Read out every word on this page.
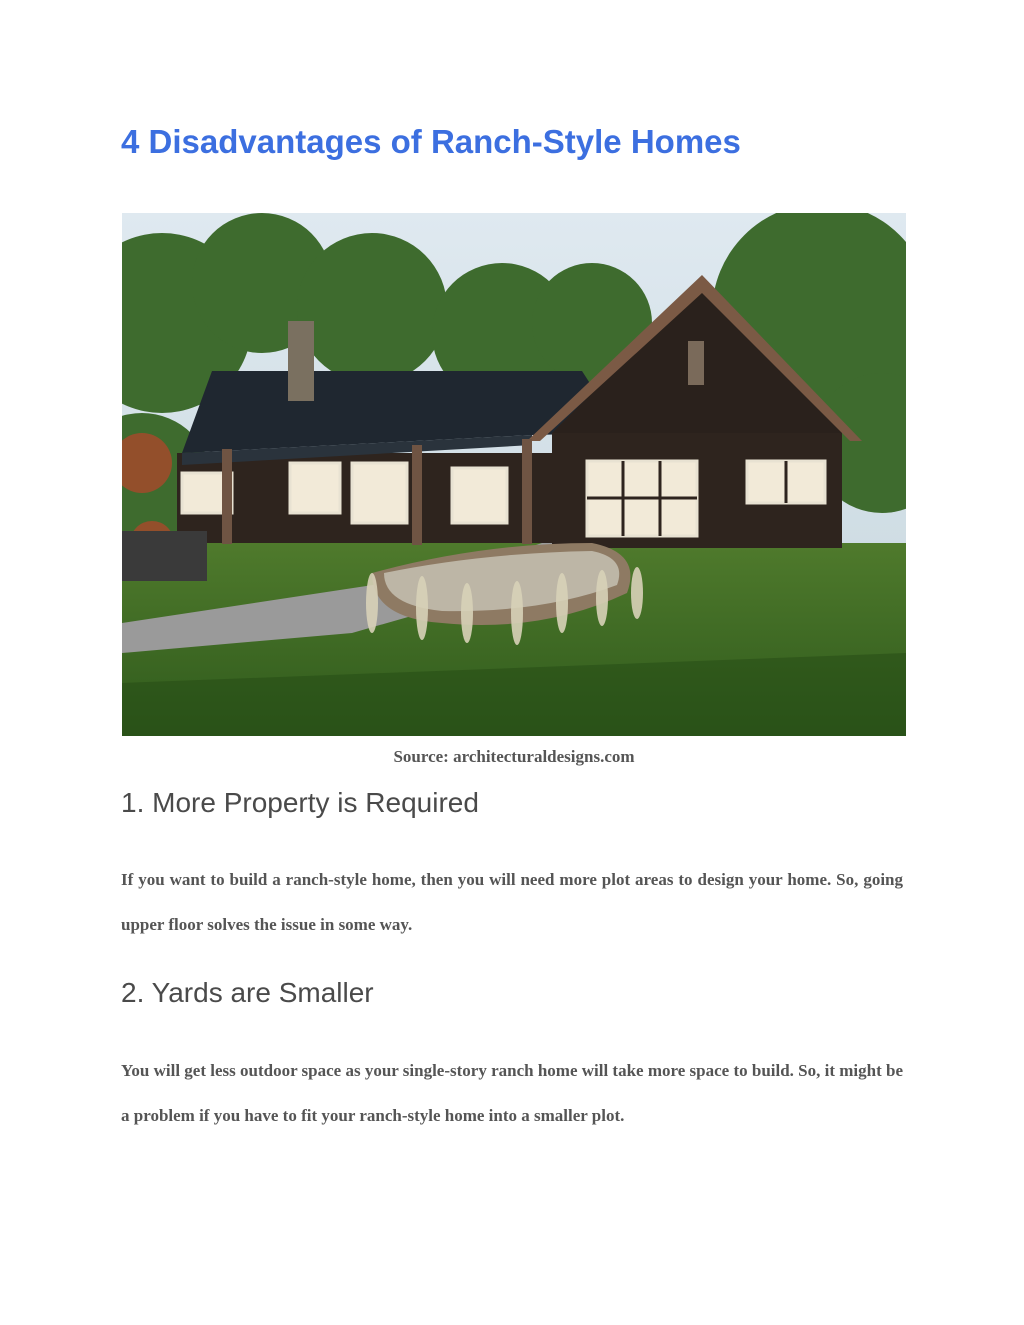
4 Disadvantages of Ranch-Style Homes
Source: architecturaldesigns.com
1. More Property is Required

If you want to build a ranch-style home, then you will need more plot areas to design your home. So, going upper floor solves the issue in some way.

2. Yards are Smaller

You will get less outdoor space as your single-story ranch home will take more space to build. So, it might be a problem if you have to fit your ranch-style home into a smaller plot.
